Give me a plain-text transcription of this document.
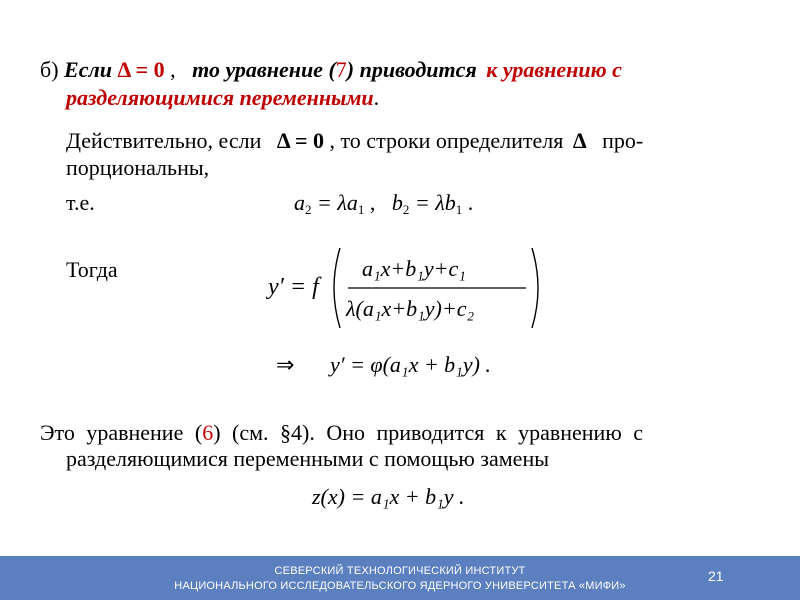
б) Если Δ = 0 , то уравнение (7) приводится к уравнению с
разделяющимися переменными.
Действительно, если Δ = 0 , то строки определителя Δ про-
порциональны,
т.е.	$a_2 = \lambda a_1$ , $b_2 = \lambda b_1$ .
Тогда
y′ = f
a₁x+b₁y+c₁
λ(a₁x+b₁y)+c₂
⇒ y′ = φ(a₁x + b₁y) .
Это уравнение (6) (см. §4). Оно приводится к уравнению с
разделяющимися переменными с помощью замены
z(x) = a₁x + b₁y .
СЕВЕРСКИЙ ТЕХНОЛОГИЧЕСКИЙ ИНСТИТУТ
НАЦИОНАЛЬНОГО ИССЛЕДОВАТЕЛЬСКОГО ЯДЕРНОГО УНИВЕРСИТЕТА «МИФИ»
21
